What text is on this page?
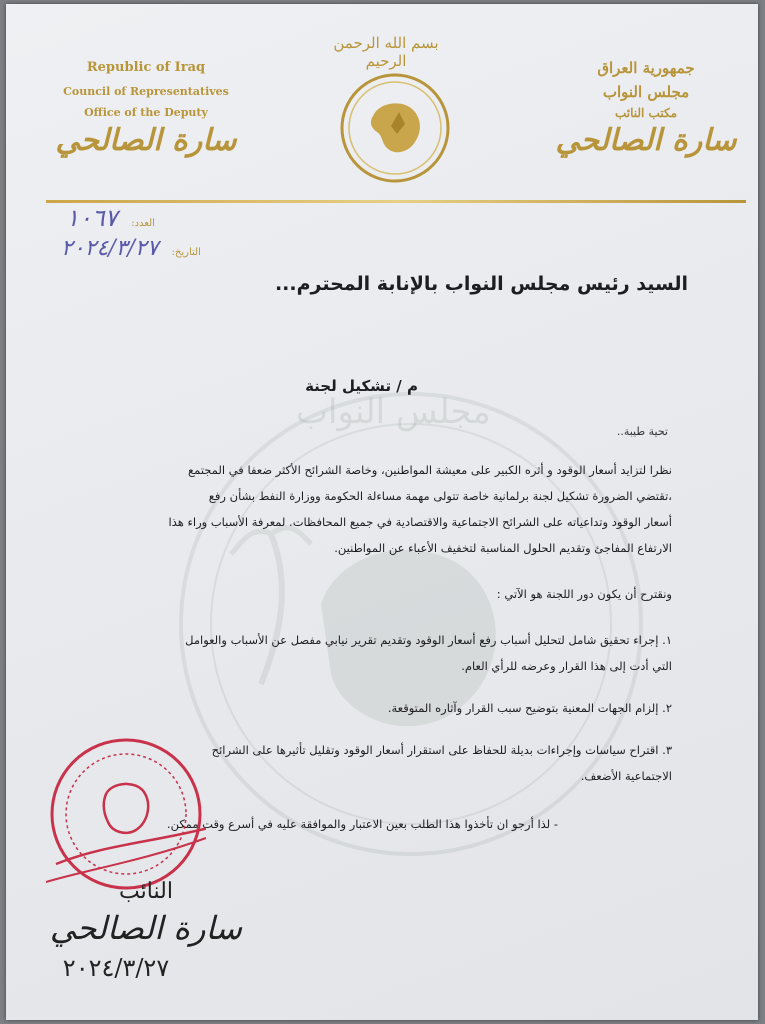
مجلس النواب
جمهورية العراق
مجلس النواب
مكتب النائب
سارة الصالحي
Republic of Iraq
Council of Representatives
Office of the Deputy
سارة الصالحي
بسم الله الرحمن الرحيم
العدد: ١٠٦٧
التاريخ: ٢٠٢٤/٣/٢٧
السيد رئيس مجلس النواب بالإنابة المحترم...
م / تشكيل لجنة
تحية طيبة..
نظرا لتزايد أسعار الوقود و أثره الكبير على معيشة المواطنين، وخاصة الشرائح الأكثر ضعفا في المجتمع
،تقتضي الضرورة تشكيل لجنة برلمانية خاصة تتولى مهمة مساءلة الحكومة ووزارة النفط بشأن رفع
أسعار الوقود وتداعياته على الشرائح الاجتماعية والاقتصادية في جميع المحافظات. لمعرفة الأسباب وراء هذا
الارتفاع المفاجئ وتقديم الحلول المناسبة لتخفيف الأعباء عن المواطنين.
ونقترح أن يكون دور اللجنة هو الآتي :
١. إجراء تحقيق شامل لتحليل أسباب رفع أسعار الوقود وتقديم تقرير نيابي مفصل عن الأسباب والعوامل
التي أدت إلى هذا القرار وعرضه للرأي العام.
٢. إلزام الجهات المعنية بتوضيح سبب القرار وآثاره المتوقعة.
٣. اقتراح سياسات وإجراءات بديلة للحفاظ على استقرار أسعار الوقود وتقليل تأثيرها على الشرائح
الاجتماعية الأضعف.
- لذا أرجو ان تأخذوا هذا الطلب بعين الاعتبار والموافقة عليه في أسرع وقت ممكن.
النائب
سارة الصالحي
٢٠٢٤/٣/٢٧
